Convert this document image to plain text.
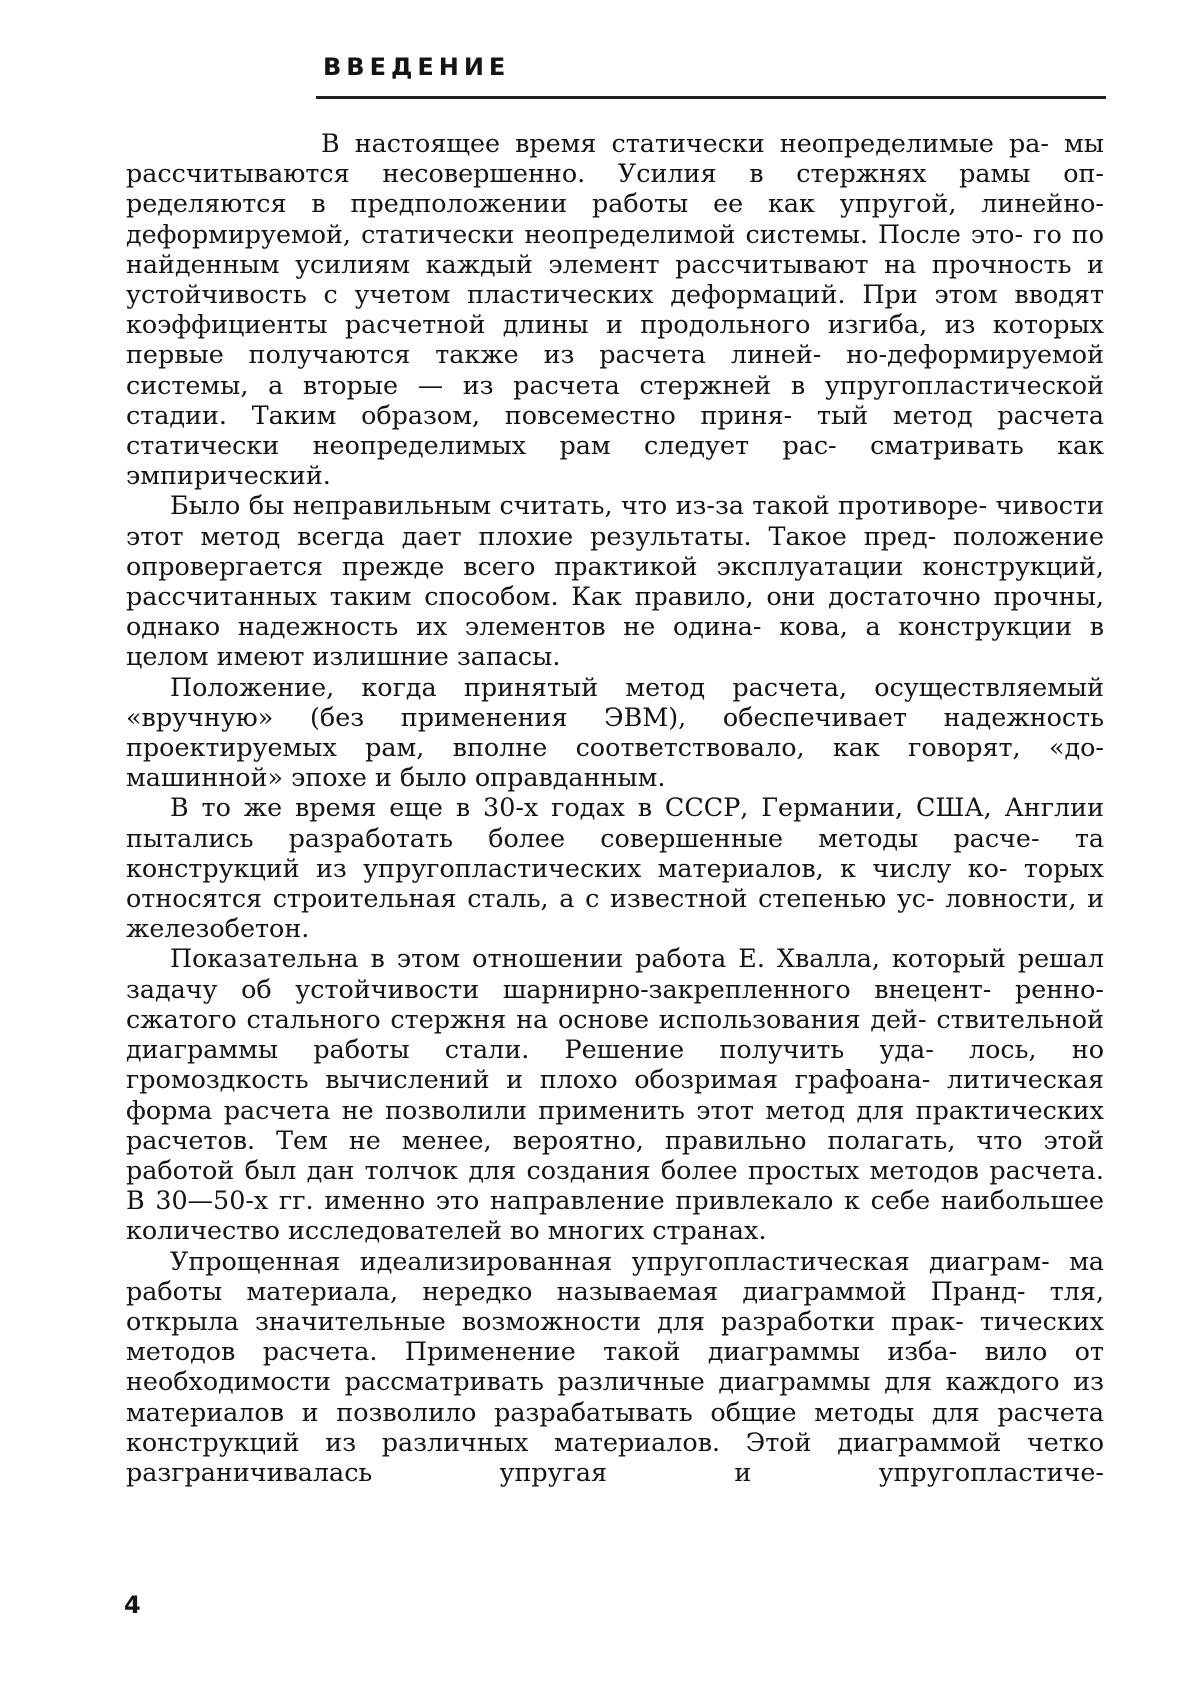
ВВЕДЕНИЕ

В настоящее время статически неопределимые ра- мы рассчитываются несовершенно. Усилия в стержнях рамы оп- ределяются в предположении работы ее как упругой, линейно- деформируемой, статически неопределимой системы. После это- го по найденным усилиям каждый элемент рассчитывают на прочность и устойчивость с учетом пластических деформаций. При этом вводят коэффициенты расчетной длины и продольного изгиба, из которых первые получаются также из расчета линей- но-деформируемой системы, а вторые — из расчета стержней в упругопластической стадии. Таким образом, повсеместно приня- тый метод расчета статически неопределимых рам следует рас- сматривать как эмпирический.

Было бы неправильным считать, что из-за такой противоре- чивости этот метод всегда дает плохие результаты. Такое пред- положение опровергается прежде всего практикой эксплуатации конструкций, рассчитанных таким способом. Как правило, они достаточно прочны, однако надежность их элементов не одина- кова, а конструкции в целом имеют излишние запасы.

Положение, когда принятый метод расчета, осуществляемый «вручную» (без применения ЭВМ), обеспечивает надежность проектируемых рам, вполне соответствовало, как говорят, «до- машинной» эпохе и было оправданным.

В то же время еще в 30-х годах в СССР, Германии, США, Англии пытались разработать более совершенные методы расче- та конструкций из упругопластических материалов, к числу ко- торых относятся строительная сталь, а с известной степенью ус- ловности, и железобетон.

Показательна в этом отношении работа Е. Хвалла, который решал задачу об устойчивости шарнирно-закрепленного внецент- ренно-сжатого стального стержня на основе использования дей- ствительной диаграммы работы стали. Решение получить уда- лось, но громоздкость вычислений и плохо обозримая графоана- литическая форма расчета не позволили применить этот метод для практических расчетов. Тем не менее, вероятно, правильно полагать, что этой работой был дан толчок для создания более простых методов расчета. В 30—50-х гг. именно это направление привлекало к себе наибольшее количество исследователей во многих странах.

Упрощенная идеализированная упругопластическая диаграм- ма работы материала, нередко называемая диаграммой Пранд- тля, открыла значительные возможности для разработки прак- тических методов расчета. Применение такой диаграммы изба- вило от необходимости рассматривать различные диаграммы для каждого из материалов и позволило разрабатывать общие методы для расчета конструкций из различных материалов. Этой диаграммой четко разграничивалась упругая и упругопластиче-

4
